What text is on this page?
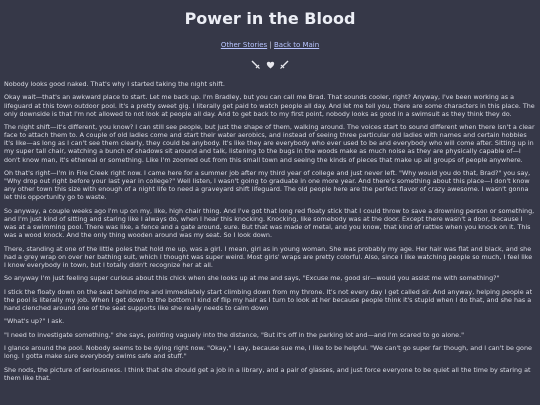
Power in the Blood
Other Stories | Back to Main

Nobody looks good naked. That's why I started taking the night shift.

Okay wait—that's an awkward place to start. Let me back up. I'm Bradley, but you can call me Brad. That sounds cooler, right? Anyway, I've been working as a lifeguard at this town outdoor pool. It's a pretty sweet gig. I literally get paid to watch people all day. And let me tell you, there are some characters in this place. The only downside is that I'm not allowed to not look at people all day. And to get back to my first point, nobody looks as good in a swimsuit as they think they do.

The night shift—it's different, you know? I can still see people, but just the shape of them, walking around. The voices start to sound different when there isn't a clear face to attach them to. A couple of old ladies come and start their water aerobics, and instead of seeing three particular old ladies with names and certain hobbies it's like—as long as I can't see them clearly, they could be anybody. It's like they are everybody who ever used to be and everybody who will come after. Sitting up in my super tall chair, watching a bunch of shadows sit around and talk, listening to the bugs in the woods make as much noise as they are physically capable of—I don't know man, it's ethereal or something. Like I'm zoomed out from this small town and seeing the kinds of pieces that make up all groups of people anywhere.

Oh that's right—I'm in Fire Creek right now. I came here for a summer job after my third year of college and just never left. "Why would you do that, Brad?" you say, "Why drop out right before your last year in college?" Well listen, I wasn't going to graduate in one more year. And there's something about this place—I don't know any other town this size with enough of a night life to need a graveyard shift lifeguard. The old people here are the perfect flavor of crazy awesome. I wasn't gonna let this opportunity go to waste.

So anyway, a couple weeks ago I'm up on my, like, high chair thing. And I've got that long red floaty stick that I could throw to save a drowning person or something, and I'm just kind of sitting and staring like I always do, when I hear this knocking. Knocking, like somebody was at the door. Except there wasn't a door, because I was at a swimming pool. There was like, a fence and a gate around, sure. But that was made of metal, and you know, that kind of rattles when you knock on it. This was a wood knock. And the only thing wooden around was my seat. So I look down.

There, standing at one of the little poles that hold me up, was a girl. I mean, girl as in young woman. She was probably my age. Her hair was flat and black, and she had a grey wrap on over her bathing suit, which I thought was super weird. Most girls' wraps are pretty colorful. Also, since I like watching people so much, I feel like I know everybody in town, but I totally didn't recognize her at all.

So anyway I'm just feeling super curious about this chick when she looks up at me and says, "Excuse me, good sir—would you assist me with something?"

I stick the floaty down on the seat behind me and immediately start climbing down from my throne. It's not every day I get called sir. And anyway, helping people at the pool is literally my job. When I get down to the bottom I kind of flip my hair as I turn to look at her because people think it's stupid when I do that, and she has a hand clenched around one of the seat supports like she really needs to calm down

"What's up?" I ask.

"I need to investigate something," she says, pointing vaguely into the distance, "But it's off in the parking lot and—and I'm scared to go alone."

I glance around the pool. Nobody seems to be dying right now. "Okay," I say, because sue me, I like to be helpful. "We can't go super far though, and I can't be gone long. I gotta make sure everybody swims safe and stuff."

She nods, the picture of seriousness. I think that she should get a job in a library, and a pair of glasses, and just force everyone to be quiet all the time by staring at them like that.
